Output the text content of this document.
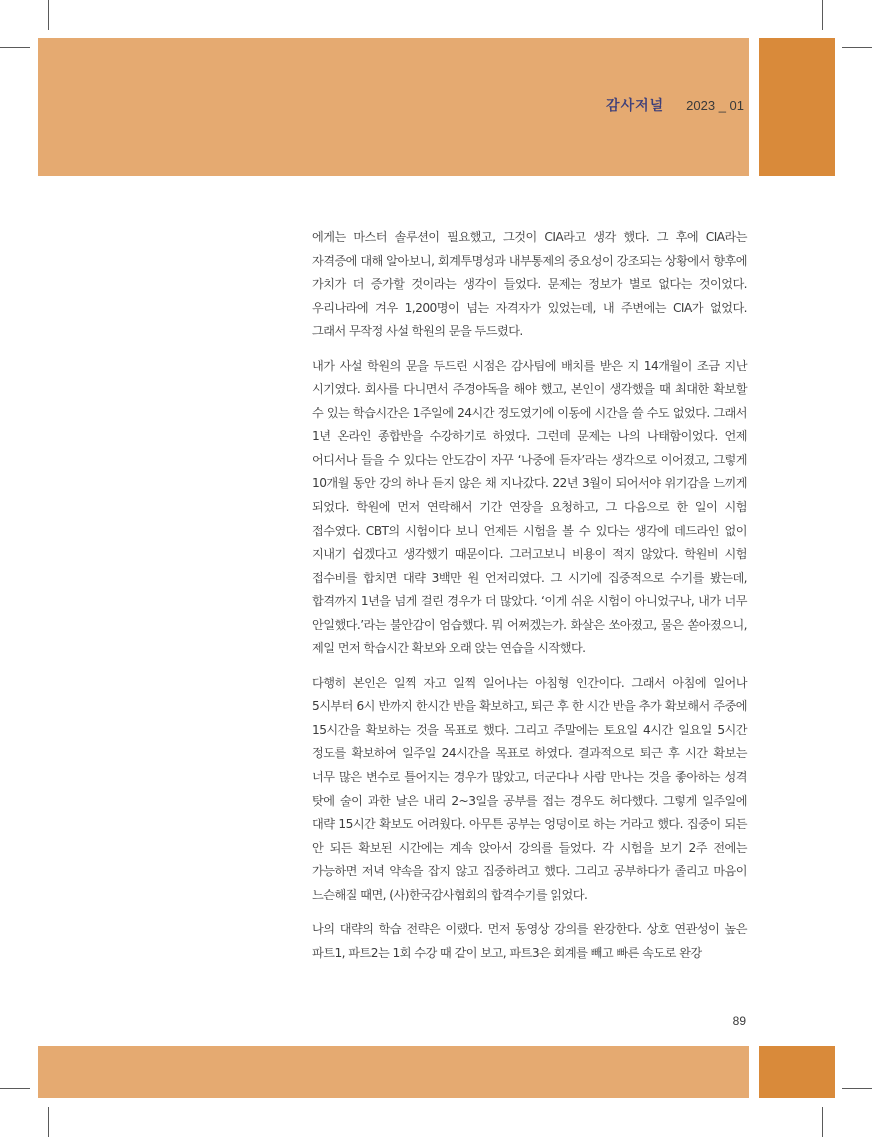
감사저널 2023 _ 01

에게는 마스터 솔루션이 필요했고, 그것이 CIA라고 생각 했다. 그 후에 CIA라는 자격증에 대해 알아보니, 회계투명성과 내부통제의 중요성이 강조되는 상황에서 향후에 가치가 더 증가할 것이라는 생각이 들었다. 문제는 정보가 별로 없다는 것이었다. 우리나라에 겨우 1,200명이 넘는 자격자가 있었는데, 내 주변에는 CIA가 없었다. 그래서 무작정 사설 학원의 문을 두드렸다.

내가 사설 학원의 문을 두드린 시점은 감사팀에 배치를 받은 지 14개월이 조금 지난 시기였다. 회사를 다니면서 주경야독을 해야 했고, 본인이 생각했을 때 최대한 확보할 수 있는 학습시간은 1주일에 24시간 정도였기에 이동에 시간을 쓸 수도 없었다. 그래서 1년 온라인 종합반을 수강하기로 하였다. 그런데 문제는 나의 나태함이었다. 언제 어디서나 들을 수 있다는 안도감이 자꾸 ‘나중에 듣자’라는 생각으로 이어졌고, 그렇게 10개월 동안 강의 하나 듣지 않은 채 지나갔다. 22년 3월이 되어서야 위기감을 느끼게 되었다. 학원에 먼저 연락해서 기간 연장을 요청하고, 그 다음으로 한 일이 시험 접수였다. CBT의 시험이다 보니 언제든 시험을 볼 수 있다는 생각에 데드라인 없이 지내기 쉽겠다고 생각했기 때문이다. 그러고보니 비용이 적지 않았다. 학원비 시험 접수비를 합치면 대략 3백만 원 언저리였다. 그 시기에 집중적으로 수기를 봤는데, 합격까지 1년을 넘게 걸린 경우가 더 많았다. ‘이게 쉬운 시험이 아니었구나, 내가 너무 안일했다.’라는 불안감이 엄습했다. 뭐 어쩌겠는가. 화살은 쏘아졌고, 물은 쏟아졌으니, 제일 먼저 학습시간 확보와 오래 앉는 연습을 시작했다.

다행히 본인은 일찍 자고 일찍 일어나는 아침형 인간이다. 그래서 아침에 일어나 5시부터 6시 반까지 한시간 반을 확보하고, 퇴근 후 한 시간 반을 추가 확보해서 주중에 15시간을 확보하는 것을 목표로 했다. 그리고 주말에는 토요일 4시간 일요일 5시간 정도를 확보하여 일주일 24시간을 목표로 하였다. 결과적으로 퇴근 후 시간 확보는 너무 많은 변수로 틀어지는 경우가 많았고, 더군다나 사람 만나는 것을 좋아하는 성격 탓에 술이 과한 날은 내리 2~3일을 공부를 접는 경우도 허다했다. 그렇게 일주일에 대략 15시간 확보도 어려웠다. 아무튼 공부는 엉덩이로 하는 거라고 했다. 집중이 되든 안 되든 확보된 시간에는 계속 앉아서 강의를 들었다. 각 시험을 보기 2주 전에는 가능하면 저녁 약속을 잡지 않고 집중하려고 했다. 그리고 공부하다가 졸리고 마음이 느슨해질 때면, (사)한국감사협회의 합격수기를 읽었다.

나의 대략의 학습 전략은 이랬다. 먼저 동영상 강의를 완강한다. 상호 연관성이 높은 파트1, 파트2는 1회 수강 때 같이 보고, 파트3은 회계를 빼고 빠른 속도로 완강

89
